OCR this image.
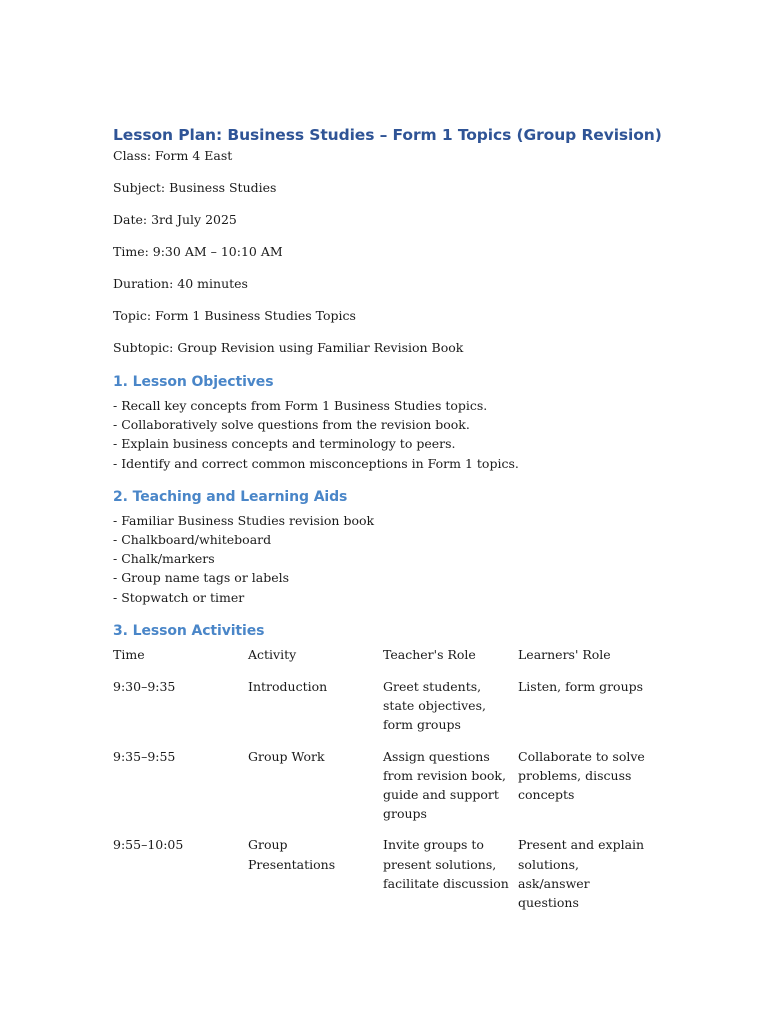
Lesson Plan: Business Studies – Form 1 Topics (Group Revision)

Class: Form 4 East

Subject: Business Studies

Date: 3rd July 2025

Time: 9:30 AM – 10:10 AM

Duration: 40 minutes

Topic: Form 1 Business Studies Topics

Subtopic: Group Revision using Familiar Revision Book

1. Lesson Objectives
- Recall key concepts from Form 1 Business Studies topics.
- Collaboratively solve questions from the revision book.
- Explain business concepts and terminology to peers.
- Identify and correct common misconceptions in Form 1 topics.
2. Teaching and Learning Aids
- Familiar Business Studies revision book
- Chalkboard/whiteboard
- Chalk/markers
- Group name tags or labels
- Stopwatch or timer
3. Lesson Activities
Time	Activity	Teacher's Role	Learners' Role
9:30–9:35	Introduction	Greet students, state objectives, form groups	Listen, form groups
9:35–9:55	Group Work	Assign questions from revision book, guide and support groups	Collaborate to solve problems, discuss concepts
9:55–10:05	Group Presentations	Invite groups to present solutions, facilitate discussion	Present and explain solutions, ask/answer questions
